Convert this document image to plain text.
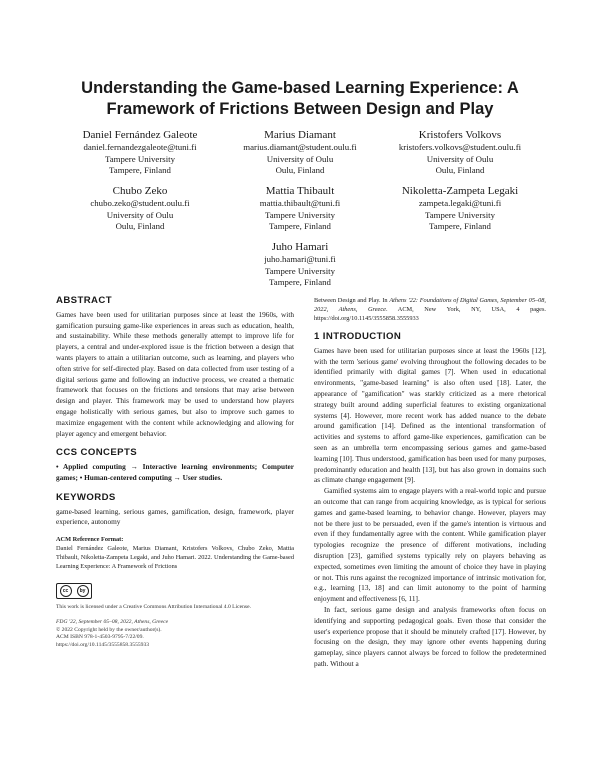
Understanding the Game-based Learning Experience: A
Framework of Frictions Between Design and Play
Daniel Fernández Galeote
daniel.fernandezgaleote@tuni.fi
Tampere University
Tampere, Finland
Marius Diamant
marius.diamant@student.oulu.fi
University of Oulu
Oulu, Finland
Kristofers Volkovs
kristofers.volkovs@student.oulu.fi
University of Oulu
Oulu, Finland
Chubo Zeko
chubo.zeko@student.oulu.fi
University of Oulu
Oulu, Finland
Mattia Thibault
mattia.thibault@tuni.fi
Tampere University
Tampere, Finland
Nikoletta-Zampeta Legaki
zampeta.legaki@tuni.fi
Tampere University
Tampere, Finland
Juho Hamari
juho.hamari@tuni.fi
Tampere University
Tampere, Finland
ABSTRACT

Games have been used for utilitarian purposes since at least the 1960s, with gamification pursuing game-like experiences in areas such as education, health, and sustainability. While these methods generally attempt to improve life for players, a central and under-explored issue is the friction between a design that wants players to attain a utilitarian outcome, such as learning, and players who often strive for self-directed play. Based on data collected from user testing of a digital serious game and following an inductive process, we created a thematic framework that focuses on the frictions and tensions that may arise between design and player. This framework may be used to understand how players engage holistically with serious games, but also to improve such games to maximize engagement with the content while acknowledging and allowing for player agency and emergent behavior.

CCS CONCEPTS

• Applied computing → Interactive learning environments; Computer games; • Human-centered computing → User studies.

KEYWORDS

game-based learning, serious games, gamification, design, framework, player experience, autonomy

ACM Reference Format:

Daniel Fernández Galeote, Marius Diamant, Kristofers Volkovs, Chubo Zeko, Mattia Thibault, Nikoletta-Zampeta Legaki, and Juho Hamari. 2022. Understanding the Game-based Learning Experience: A Framework of Frictions

cc	by
This work is licensed under a Creative Commons Attribution International 4.0 License.
FDG '22, September 05–08, 2022, Athens, Greece
© 2022 Copyright held by the owner/author(s).
ACM ISBN 978-1-4503-9795-7/22/09.
https://doi.org/10.1145/3555858.3555933

Between Design and Play. In Athens '22: Foundations of Digital Games, September 05–08, 2022, Athens, Greece. ACM, New York, NY, USA, 4 pages. https://doi.org/10.1145/3555858.3555933

1 INTRODUCTION

Games have been used for utilitarian purposes since at least the 1960s [12], with the term 'serious game' evolving throughout the following decades to be identified primarily with digital games [7]. When used in educational environments, "game-based learning" is also often used [18]. Later, the appearance of "gamification" was starkly criticized as a mere rhetorical strategy built around adding superficial features to existing organizational systems [4]. However, more recent work has added nuance to the debate around gamification [14]. Defined as the intentional transformation of activities and systems to afford game-like experiences, gamification can be seen as an umbrella term encompassing serious games and game-based learning [10]. Thus understood, gamification has been used for many purposes, predominantly education and health [13], but has also grown in domains such as climate change engagement [9].

Gamified systems aim to engage players with a real-world topic and pursue an outcome that can range from acquiring knowledge, as is typical for serious games and game-based learning, to behavior change. However, players may not be there just to be persuaded, even if the game's intention is virtuous and even if they fundamentally agree with the content. While gamification player typologies recognize the presence of different motivations, including disruption [23], gamified systems typically rely on players behaving as expected, sometimes even limiting the amount of choice they have in playing or not. This runs against the recognized importance of intrinsic motivation for, e.g., learning [13, 18] and can limit autonomy to the point of harming enjoyment and effectiveness [6, 11].

In fact, serious game design and analysis frameworks often focus on identifying and supporting pedagogical goals. Even those that consider the user's experience propose that it should be minutely crafted [17]. However, by focusing on the design, they may ignore other events happening during gameplay, since players cannot always be forced to follow the predetermined path. Without a
